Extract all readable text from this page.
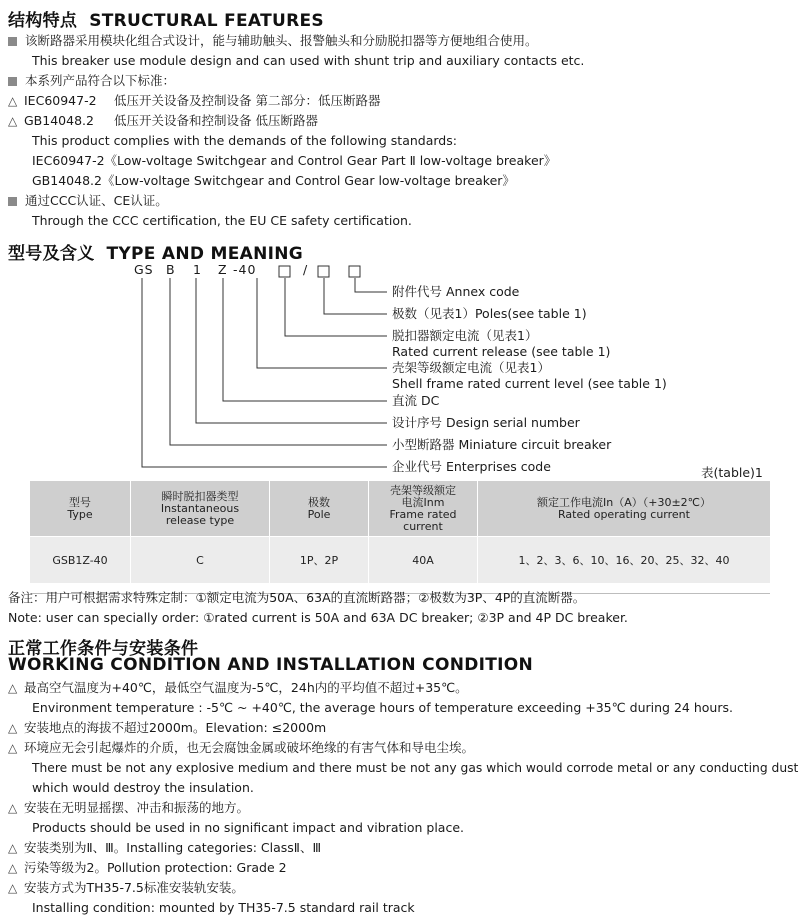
结构特点 STRUCTURAL FEATURES
该断路器采用模块化组合式设计，能与辅助触头、报警触头和分励脱扣器等方便地组合使用。
This breaker use module design and can used with shunt trip and auxiliary contacts etc.
本系列产品符合以下标准：
△ IEC60947-2 低压开关设备及控制设备 第二部分：低压断路器
△ GB14048.2 低压开关设备和控制设备 低压断路器
This product complies with the demands of the following standards:
IEC60947-2《Low-voltage Switchgear and Control Gear Part Ⅱ low-voltage breaker》
GB14048.2《Low-voltage Switchgear and Control Gear low-voltage breaker》
通过CCC认证、CE认证。
Through the CCC certification, the EU CE safety certification.
型号及含义 TYPE AND MEANING
GS B 1 Z -40	/
附件代号 Annex code
极数（见表1）Poles(see table 1)
脱扣器额定电流（见表1）
Rated current release (see table 1)
壳架等级额定电流（见表1）
Shell frame rated current level (see table 1)
直流 DC
设计序号 Design serial number
小型断路器 Miniature circuit breaker
企业代号 Enterprises code	表(table)1
型号
Type	瞬时脱扣器类型
Instantaneous
release type	极数
Pole	壳架等级额定
电流Inm
Frame rated
current	额定工作电流In（A）（+30±2℃）
Rated operating current

GSB1Z-40	C	1P、2P	40A	1、2、3、6、10、16、20、25、32、40

备注：用户可根据需求特殊定制：①额定电流为50A、63A的直流断路器；②极数为3P、4P的直流断器。
Note: user can specially order: ①rated current is 50A and 63A DC breaker; ②3P and 4P DC breaker.
正常工作条件与安装条件
WORKING CONDITION AND INSTALLATION CONDITION
△ 最高空气温度为+40℃，最低空气温度为-5℃，24h内的平均值不超过+35℃。
Environment temperature : -5℃ ~ +40℃, the average hours of temperature exceeding +35℃ during 24 hours.
△ 安装地点的海拔不超过2000m。Elevation: ≤2000m
△ 环境应无会引起爆炸的介质，也无会腐蚀金属或破坏绝缘的有害气体和导电尘埃。
There must be not any explosive medium and there must be not any gas which would corrode metal or any conducting dust
which would destroy the insulation.
△ 安装在无明显摇摆、冲击和振荡的地方。
Products should be used in no significant impact and vibration place.
△ 安装类别为Ⅱ、Ⅲ。Installing categories: ClassⅡ、Ⅲ
△ 污染等级为2。Pollution protection: Grade 2
△ 安装方式为TH35-7.5标准安装轨安装。
Installing condition: mounted by TH35-7.5 standard rail track
